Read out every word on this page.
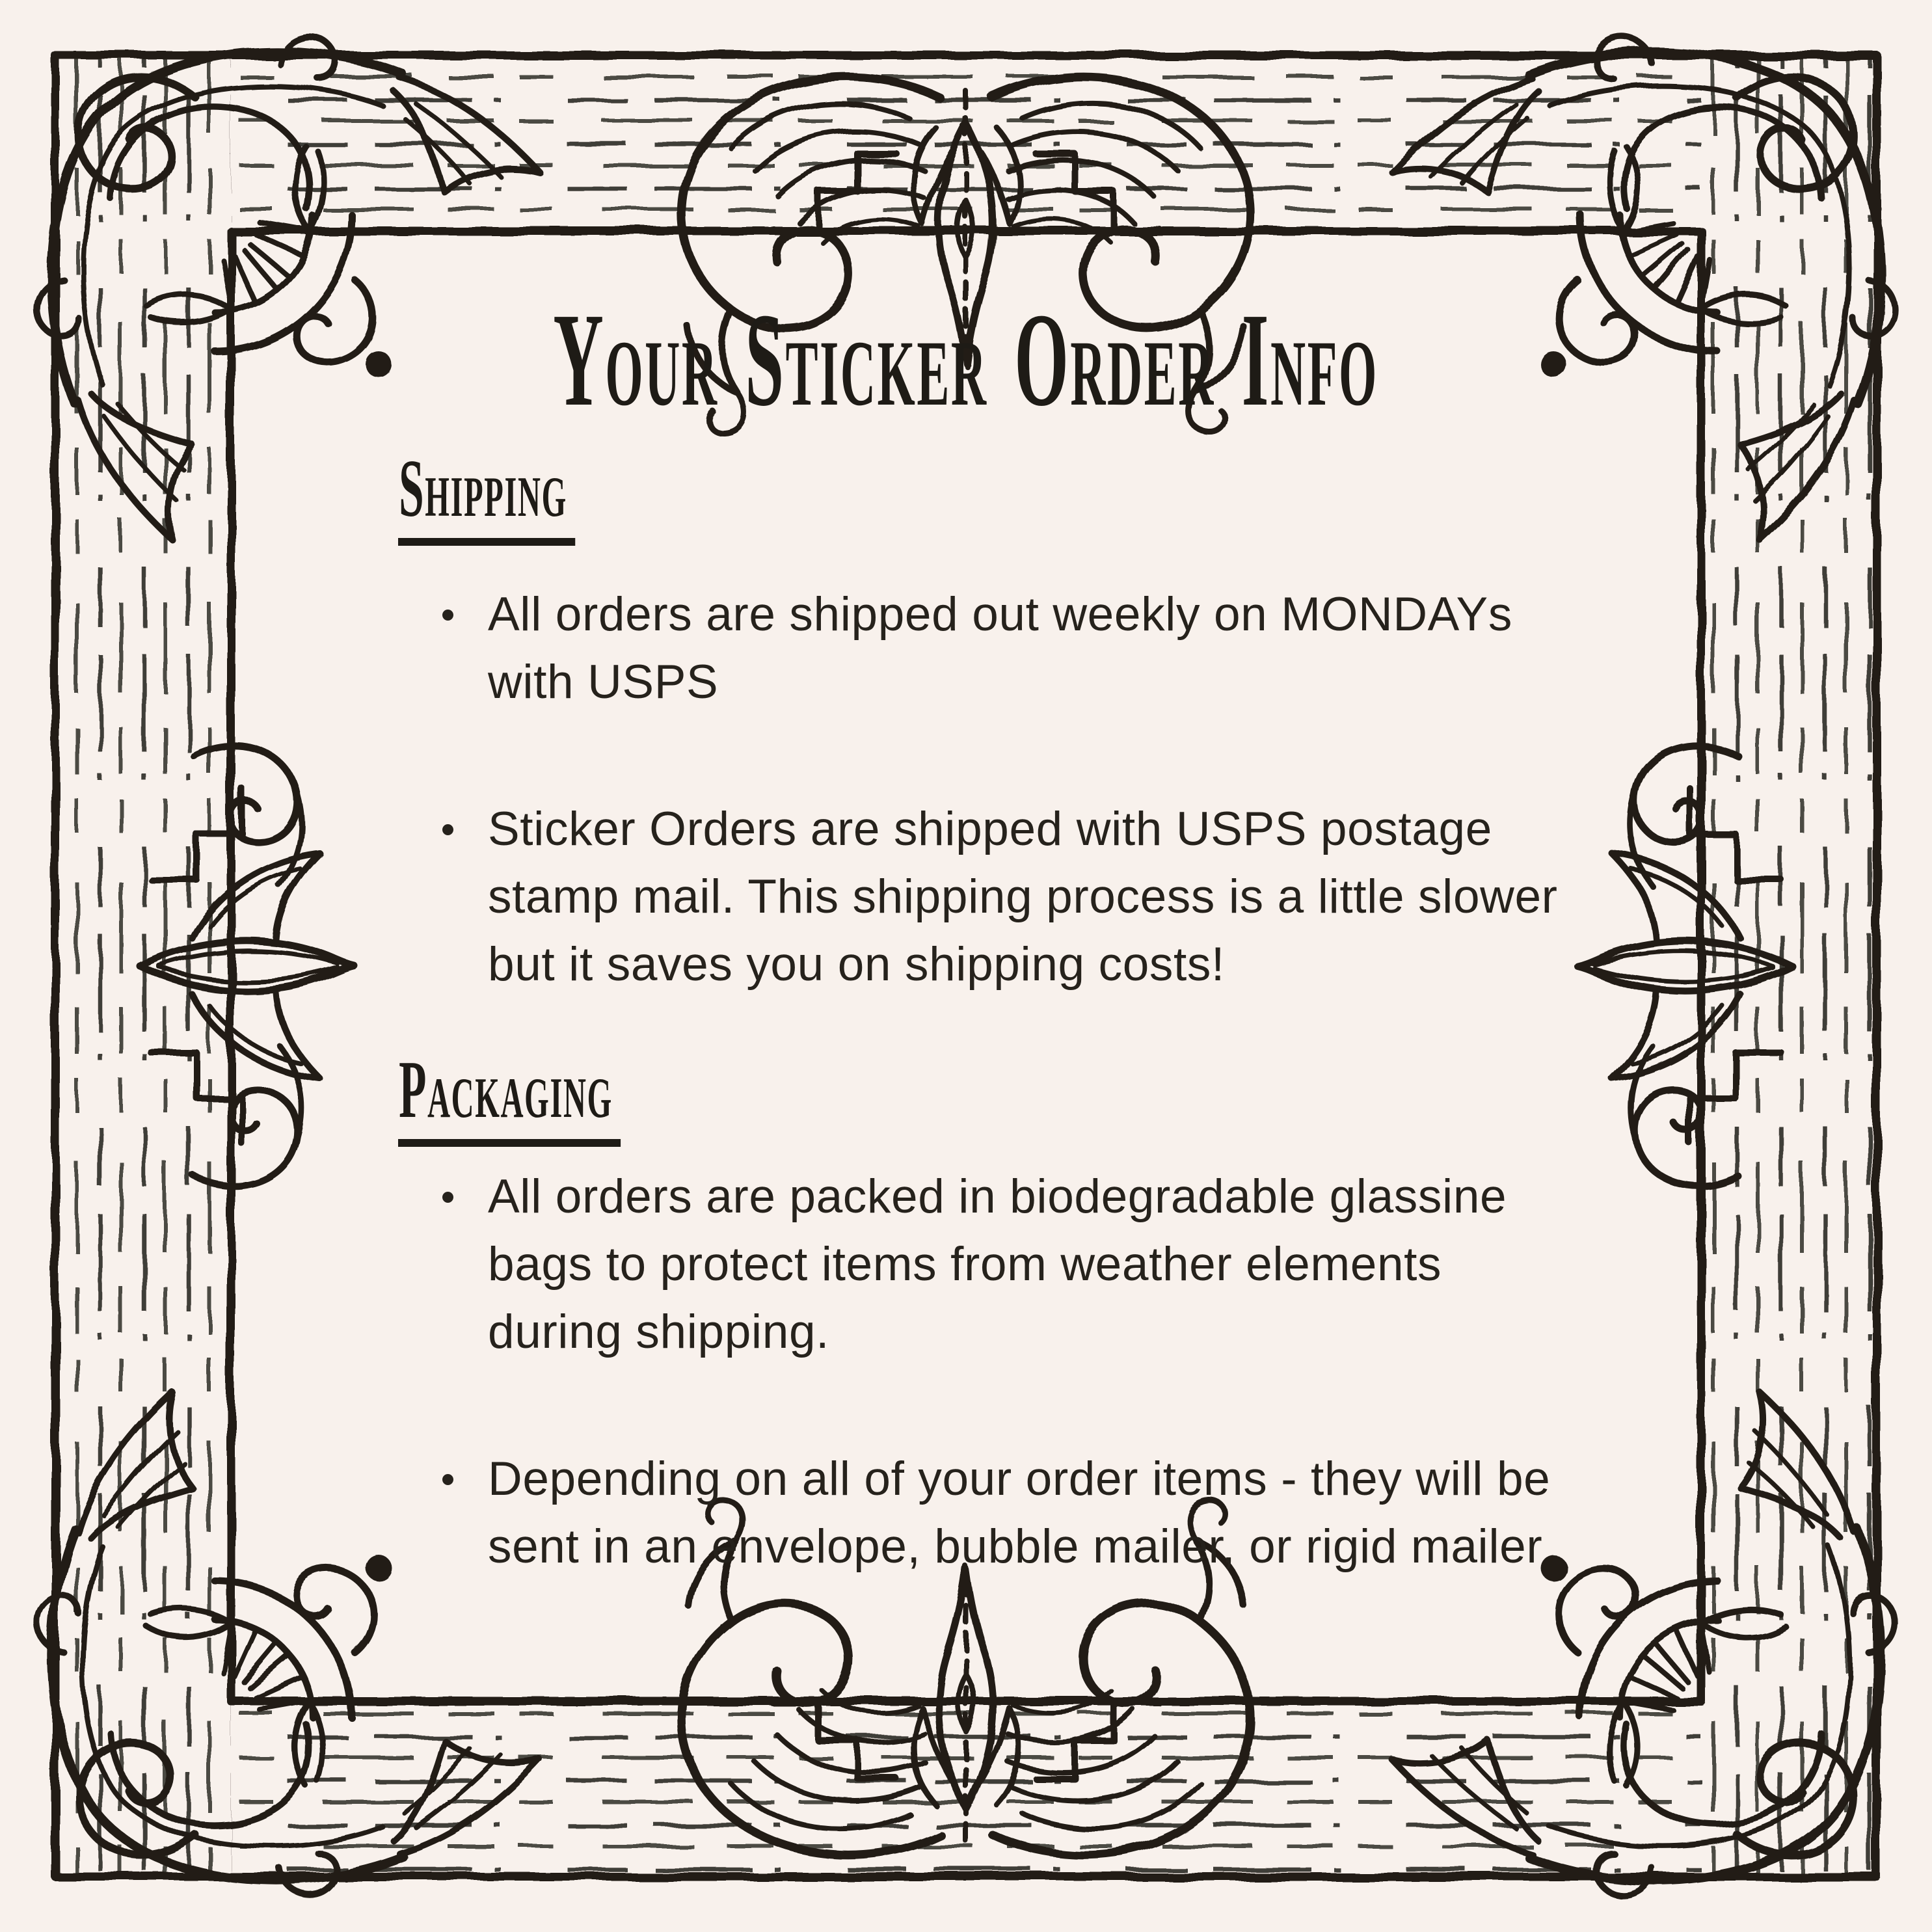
Your Sticker Order Info
Shipping
All orders are shipped out weekly on MONDAYs with USPS
Sticker Orders are shipped with USPS postage stamp mail. This shipping process is a little slower but it saves you on shipping costs!
Packaging
All orders are packed in biodegradable glassine bags to protect items from weather elements during shipping.
Depending on all of your order items - they will be sent in an envelope, bubble mailer, or rigid mailer
